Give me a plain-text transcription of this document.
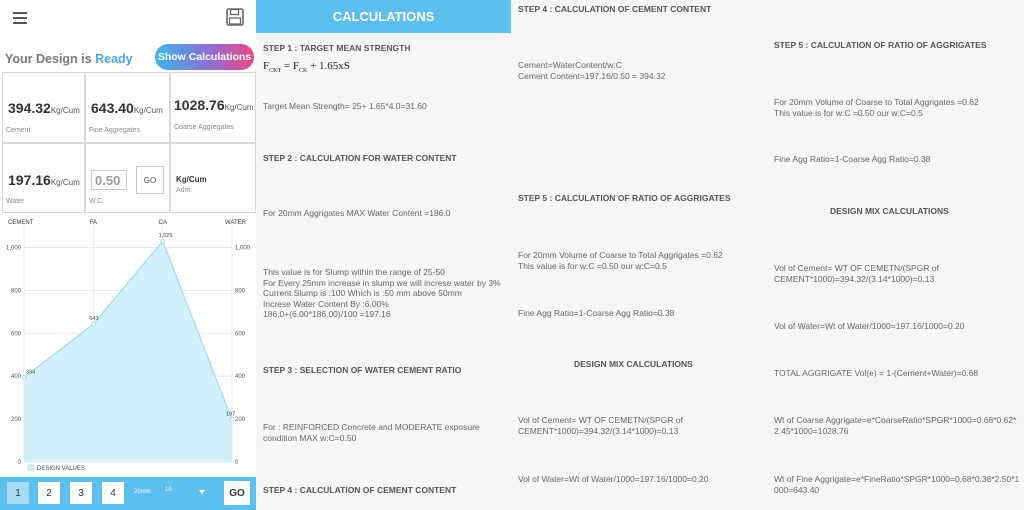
Your Design is Ready Show Calculations
394.32Kg/Cum
Cement
643.40Kg/Cum
Fine Aggregates
1028.76Kg/Cum
Coarse Aggregates
197.16Kg/Cum
Water
0.50
GO
W.C
Kg/Cum
Adm.
394
643
1,029
197
0	0
200	200
400	400
600	600
800	800
1,000	1,000
CEMENT	FA	CA	WATER
DESIGN VALUES
1	2	3	4	20mm 10	GO
CALCULATIONS
STEP 1 : TARGET MEAN STRENGTH
$F_{CKT} = F_{CK} + 1.65xS$
Target Mean Strength= 25+ 1.65*4.0=31.60
STEP 2 : CALCULATION FOR WATER CONTENT
For 20mm Aggrigates MAX Water Content =186.0
This value is for Slump within the range of 25-50
For Every 25mm increase in slump we will increse water by 3%
Current Slump is :100 Which is :50 mm above 50mm
Increse Water Content By :6.00%
186.0+(6.00*186.00)/100 =197.16
STEP 3 : SELECTION OF WATER CEMENT RATIO
For : REINFORCED Concrete and MODERATE exposure condition MAX w:C=0.50
STEP 4 : CALCULATION OF CEMENT CONTENT
STEP 4 : CALCULATION OF CEMENT CONTENT
Cement=WaterContent/w:C
Cement Content=197.16/0.50 = 394.32
STEP 5 : CALCULATION OF RATIO OF AGGRIGATES
For 20mm Volume of Coarse to Total Aggrigates =0.62
This value is for w:C =0.50 our w:C=0.5
Fine Agg Ratio=1-Coarse Agg Ratio=0.38
DESIGN MIX CALCULATIONS
Vol of Cement= WT OF CEMETN/(SPGR of CEMENT*1000)=394.32/(3.14*1000)=0.13
Vol of Water=Wt of Water/1000=197.16/1000=0.20
STEP 5 : CALCULATION OF RATIO OF AGGRIGATES
For 20mm Volume of Coarse to Total Aggrigates =0.62
This value is for w:C =0.50 our w:C=0.5
Fine Agg Ratio=1-Coarse Agg Ratio=0.38
DESIGN MIX CALCULATIONS
Vol of Cement= WT OF CEMETN/(SPGR of CEMENT*1000)=394.32/(3.14*1000)=0.13
Vol of Water=Wt of Water/1000=197.16/1000=0.20
TOTAL AGGRIGATE Vol(e) = 1-(Cement+Water)=0.68
Wt of Coarse Aggrigate=e*CoarseRatio*SPGR*1000=0.68*0.62*2.45*1000=1028.76
Wt of Fine Aggrigate=e*FineRatio*SPGR*1000=0.68*0.38*2.50*1000=643.40
